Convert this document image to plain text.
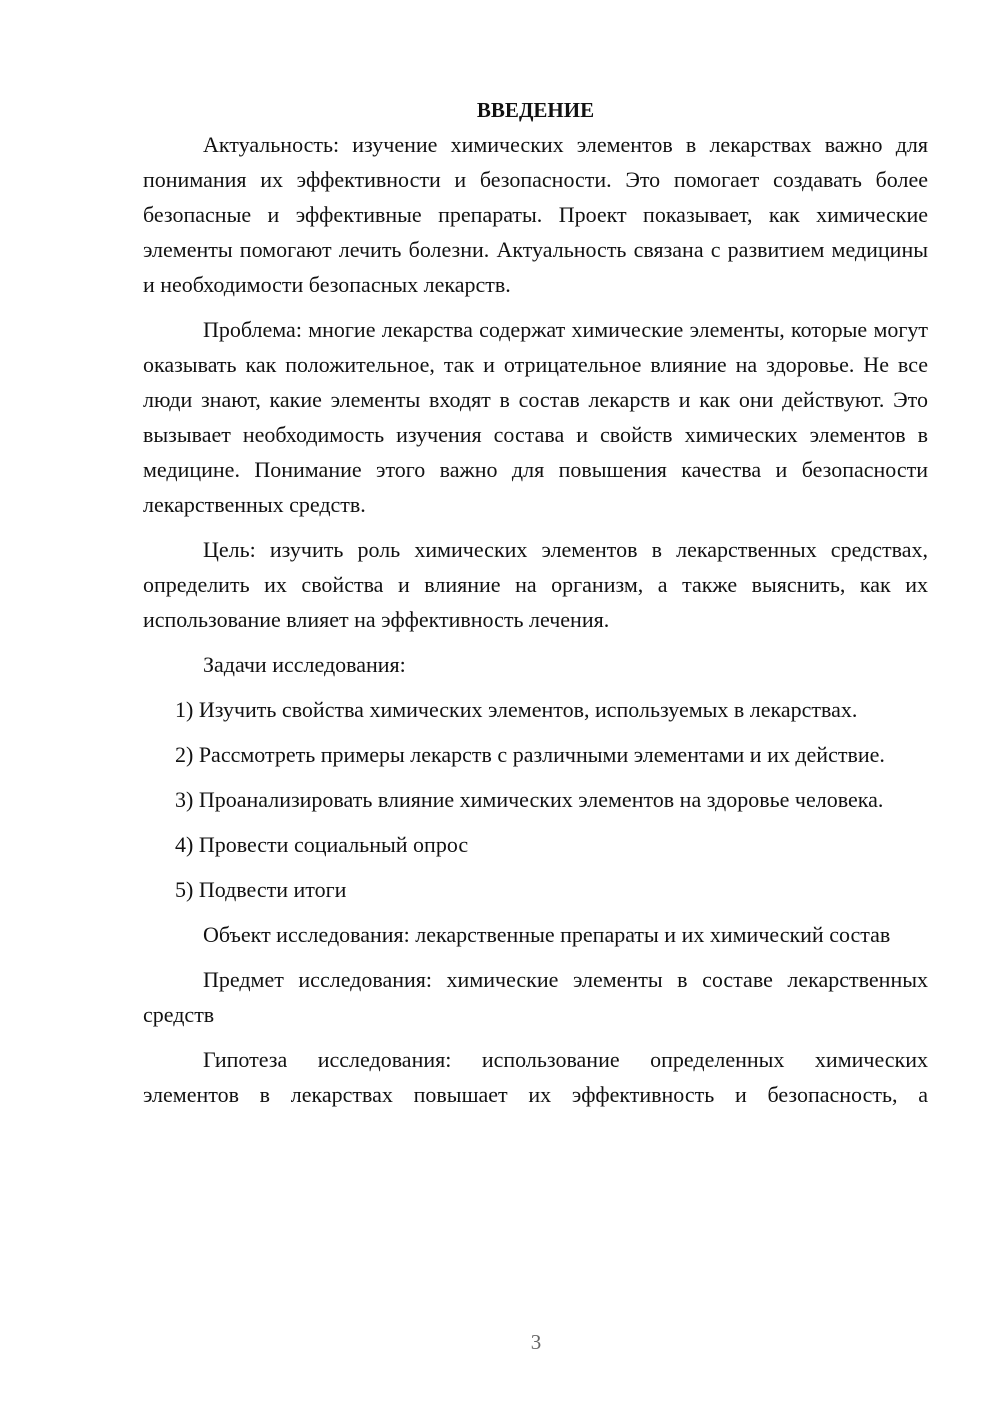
ВВЕДЕНИЕ

Актуальность: изучение химических элементов в лекарствах важно для понимания их эффективности и безопасности. Это помогает создавать более безопасные и эффективные препараты. Проект показывает, как химические элементы помогают лечить болезни. Актуальность связана с развитием медицины и необходимости безопасных лекарств.

Проблема: многие лекарства содержат химические элементы, которые могут оказывать как положительное, так и отрицательное влияние на здоровье. Не все люди знают, какие элементы входят в состав лекарств и как они действуют. Это вызывает необходимость изучения состава и свойств химических элементов в медицине. Понимание этого важно для повышения качества и безопасности лекарственных средств.

Цель: изучить роль химических элементов в лекарственных средствах, определить их свойства и влияние на организм, а также выяснить, как их использование влияет на эффективность лечения.

Задачи исследования:

1) Изучить свойства химических элементов, используемых в лекарствах.

2) Рассмотреть примеры лекарств с различными элементами и их действие.

3) Проанализировать влияние химических элементов на здоровье человека.

4) Провести социальный опрос

5) Подвести итоги

Объект исследования: лекарственные препараты и их химический состав

Предмет исследования: химические элементы в составе лекарственных средств

Гипотеза исследования: использование определенных химических элементов в лекарствах повышает их эффективность и безопасность, а

3
